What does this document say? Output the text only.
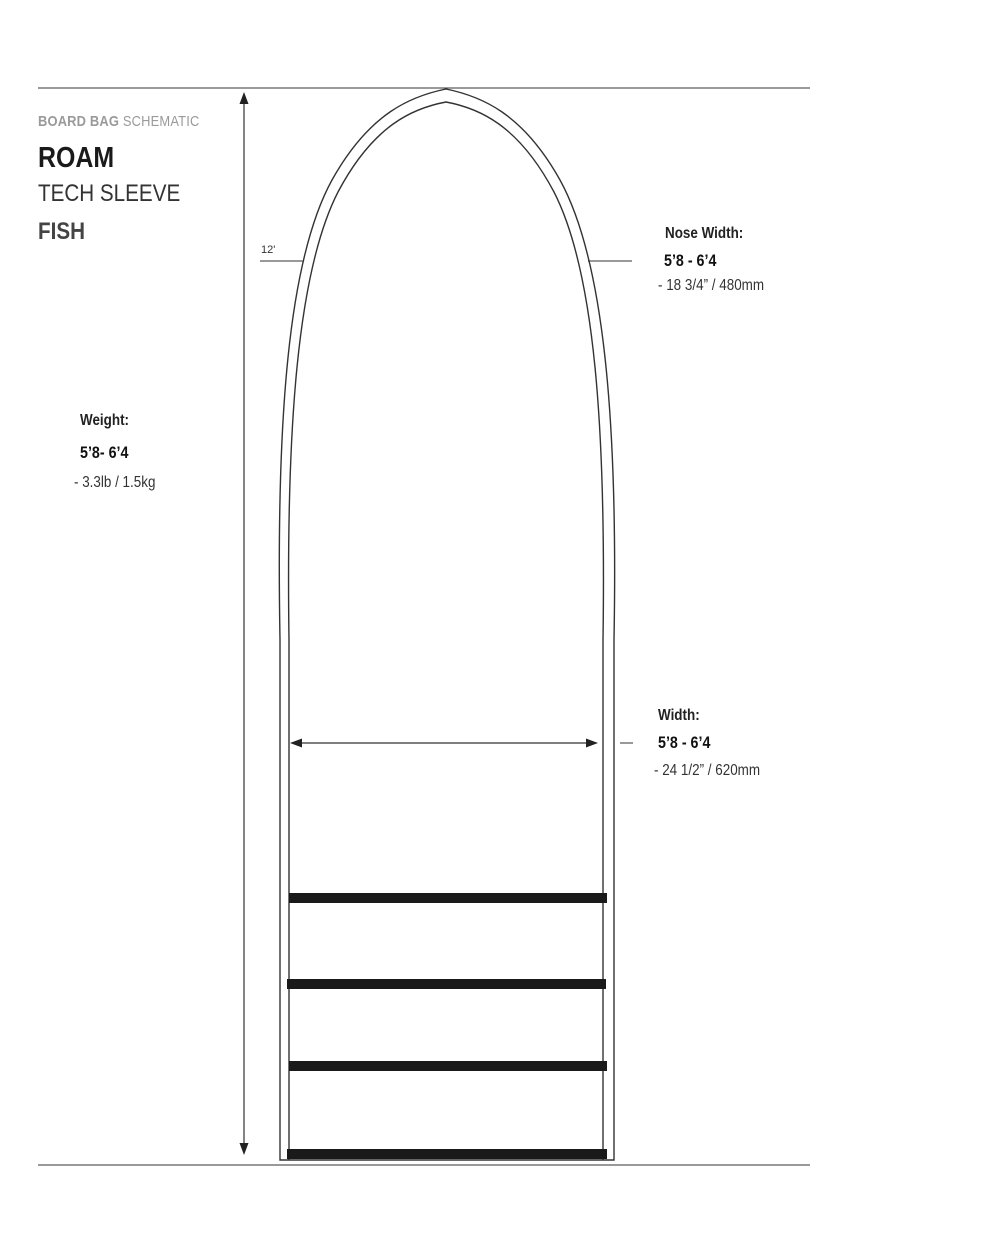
BOARD BAG SCHEMATIC
ROAM
TECH SLEEVE
FISH
12'
Nose Width:
5’8 - 6’4
- 18 3/4” / 480mm
Weight:
5’8- 6’4
- 3.3lb / 1.5kg
Width:
5’8 - 6’4
- 24 1/2” / 620mm
